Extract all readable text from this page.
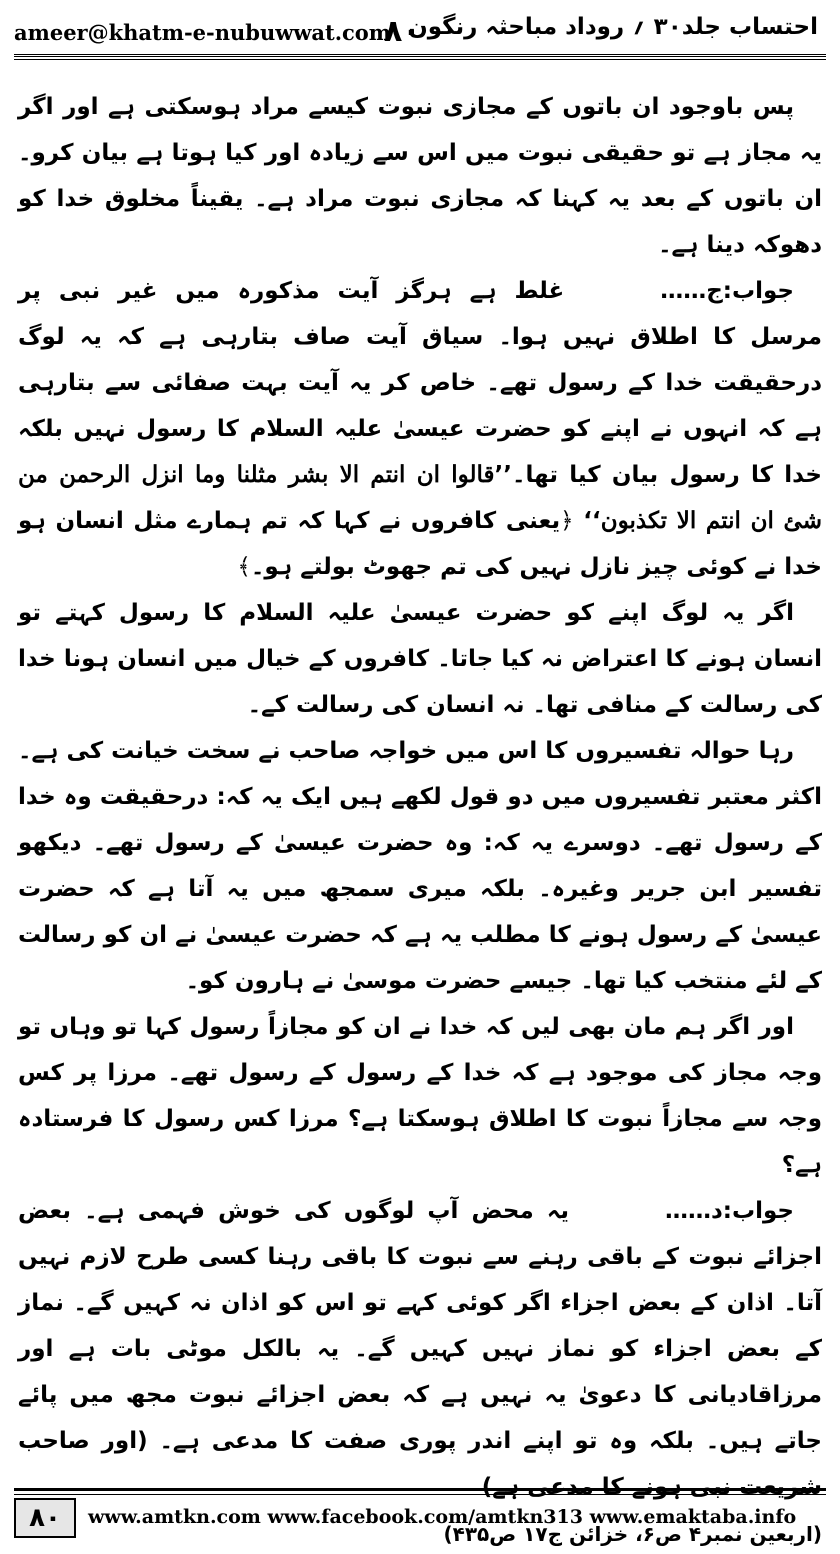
ameer@khatm-e-nubuwwat.com
۸۰
احتساب جلد۳۰ ؍ روداد مباحثہ رنگون

پس باوجود ان باتوں کے مجازی نبوت کیسے مراد ہوسکتی ہے اور اگر یہ مجاز ہے تو حقیقی نبوت میں اس سے زیادہ اور کیا ہوتا ہے بیان کرو۔ ان باتوں کے بعد یہ کہنا کہ مجازی نبوت مراد ہے۔ یقیناً مخلوق خدا کو دھوکہ دینا ہے۔

جواب:ج……غلط ہے ہرگز آیت مذکورہ میں غیر نبی پر مرسل کا اطلاق نہیں ہوا۔ سیاق آیت صاف بتارہی ہے کہ یہ لوگ درحقیقت خدا کے رسول تھے۔ خاص کر یہ آیت بہت صفائی سے بتارہی ہے کہ انہوں نے اپنے کو حضرت عیسیٰ علیہ السلام کا رسول نہیں بلکہ خدا کا رسول بیان کیا تھا۔’’قالوا ان انتم الا بشر مثلنا وما انزل الرحمن من شئ ان انتم الا تکذبون‘‘ ﴿یعنی کافروں نے کہا کہ تم ہمارے مثل انسان ہو خدا نے کوئی چیز نازل نہیں کی تم جھوٹ بولتے ہو۔﴾

اگر یہ لوگ اپنے کو حضرت عیسیٰ علیہ السلام کا رسول کہتے تو انسان ہونے کا اعتراض نہ کیا جاتا۔ کافروں کے خیال میں انسان ہونا خدا کی رسالت کے منافی تھا۔ نہ انسان کی رسالت کے۔

رہا حوالہ تفسیروں کا اس میں خواجہ صاحب نے سخت خیانت کی ہے۔ اکثر معتبر تفسیروں میں دو قول لکھے ہیں ایک یہ کہ: درحقیقت وہ خدا کے رسول تھے۔ دوسرے یہ کہ: وہ حضرت عیسیٰ کے رسول تھے۔ دیکھو تفسیر ابن جریر وغیرہ۔ بلکہ میری سمجھ میں یہ آتا ہے کہ حضرت عیسیٰ کے رسول ہونے کا مطلب یہ ہے کہ حضرت عیسیٰ نے ان کو رسالت کے لئے منتخب کیا تھا۔ جیسے حضرت موسیٰ نے ہارون کو۔

اور اگر ہم مان بھی لیں کہ خدا نے ان کو مجازاً رسول کہا تو وہاں تو وجہ مجاز کی موجود ہے کہ خدا کے رسول کے رسول تھے۔ مرزا پر کس وجہ سے مجازاً نبوت کا اطلاق ہوسکتا ہے؟ مرزا کس رسول کا فرستادہ ہے؟

جواب:د……یہ محض آپ لوگوں کی خوش فہمی ہے۔ بعض اجزائے نبوت کے باقی رہنے سے نبوت کا باقی رہنا کسی طرح لازم نہیں آتا۔ اذان کے بعض اجزاء اگر کوئی کہے تو اس کو اذان نہ کہیں گے۔ نماز کے بعض اجزاء کو نماز نہیں کہیں گے۔ یہ بالکل موٹی بات ہے اور مرزاقادیانی کا دعویٰ یہ نہیں ہے کہ بعض اجزائے نبوت مجھ میں پائے جاتے ہیں۔ بلکہ وہ تو اپنے اندر پوری صفت کا مدعی ہے۔ (اور صاحب شریعت نبی ہونے کا مدعی ہے)

(اربعین نمبر۴ ص۶، خزائن ج۱۷ ص۴۳۵)

۸۰	www.amtkn.com www.facebook.com/amtkn313 www.emaktaba.info
